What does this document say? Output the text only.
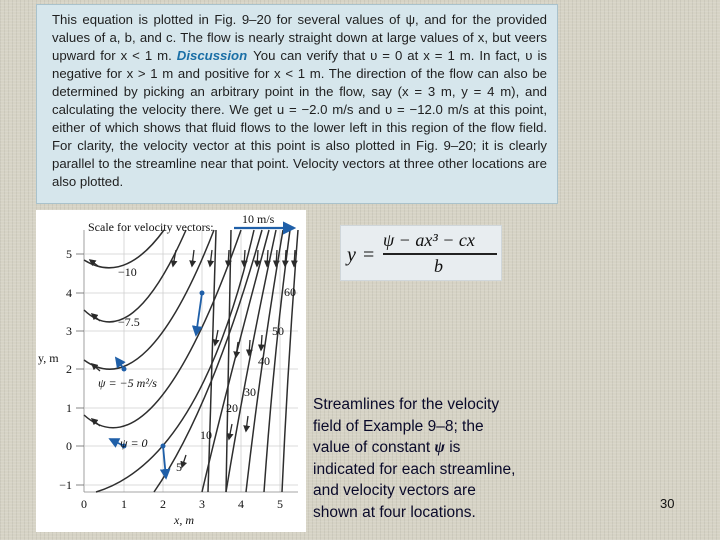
This equation is plotted in Fig. 9–20 for several values of ψ, and for the provided values of a, b, and c. The flow is nearly straight down at large values of x, but veers upward for x < 1 m. Discussion You can verify that υ = 0 at x = 1 m. In fact, υ is negative for x > 1 m and positive for x < 1 m. The direction of the flow can also be determined by picking an arbitrary point in the flow, say (x = 3 m, y = 4 m), and calculating the velocity there. We get u = −2.0 m/s and υ = −12.0 m/s at this point, either of which shows that fluid flows to the lower left in this region of the flow field. For clarity, the velocity vector at this point is also plotted in Fig. 9–20; it is clearly parallel to the streamline near that point. Velocity vectors at three other locations are also plotted.

Scale for velocity vectors:
10 m/s
5
4
3
2
1
0
−1
y, m
0	1	2	3	4	5
x, m
−10
−7.5
ψ = −5 m²/s
ψ = 0
5
10
20
30
40
50
60
y =
ψ − ax³ − cx
b
Streamlines for the velocity
field of Example 9–8; the
value of constant ψ is
indicated for each streamline,
and velocity vectors are
shown at four locations.	30
